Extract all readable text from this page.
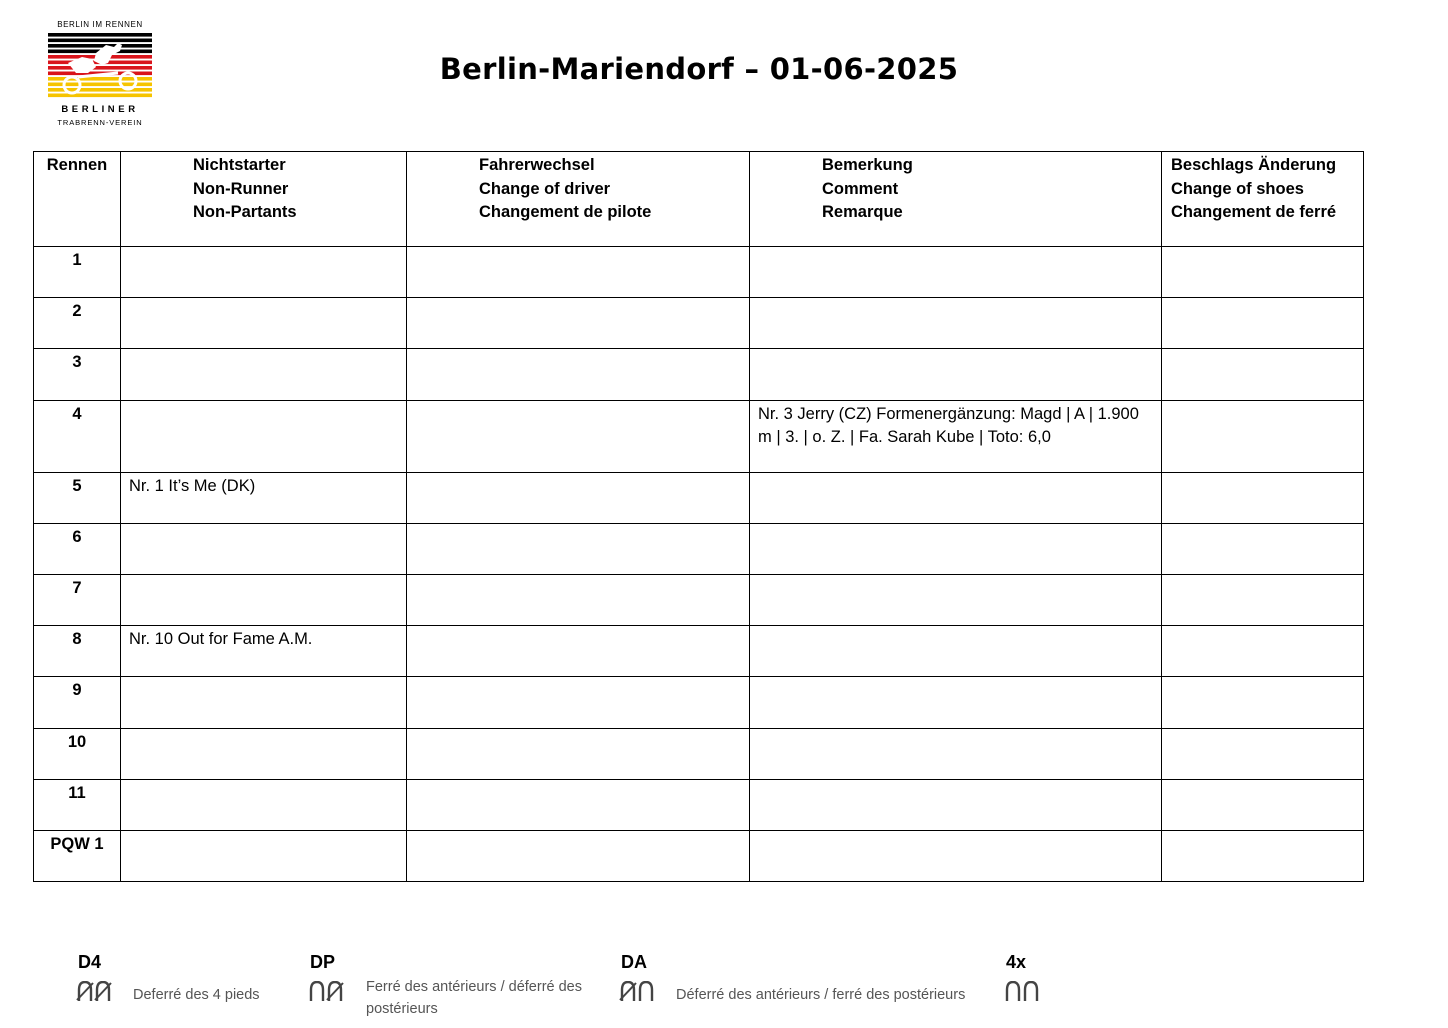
BERLIN IM RENNEN
BERLINER
TRABRENN-VEREIN
Berlin-Mariendorf – 01-06-2025
Rennen	Nichtstarter
Non-Runner
Non-Partants	Fahrerwechsel
Change of driver
Changement de pilote	Bemerkung
Comment
Remarque	Beschlags Änderung
Change of shoes
Changement de ferré

1				
2				
3				
4			Nr. 3 Jerry (CZ) Formenergänzung: Magd | A | 1.900 m | 3. | o. Z. | Fa. Sarah Kube | Toto: 6,0	
5	Nr. 1 It’s Me (DK)			
6				
7				
8	Nr. 10 Out for Fame A.M.			
9				
10				
11				
PQW 1				
D4
Deferré des 4 pieds
DP
Ferré des antérieurs / déferré des postérieurs
DA
Déferré des antérieurs / ferré des postérieurs
4x
